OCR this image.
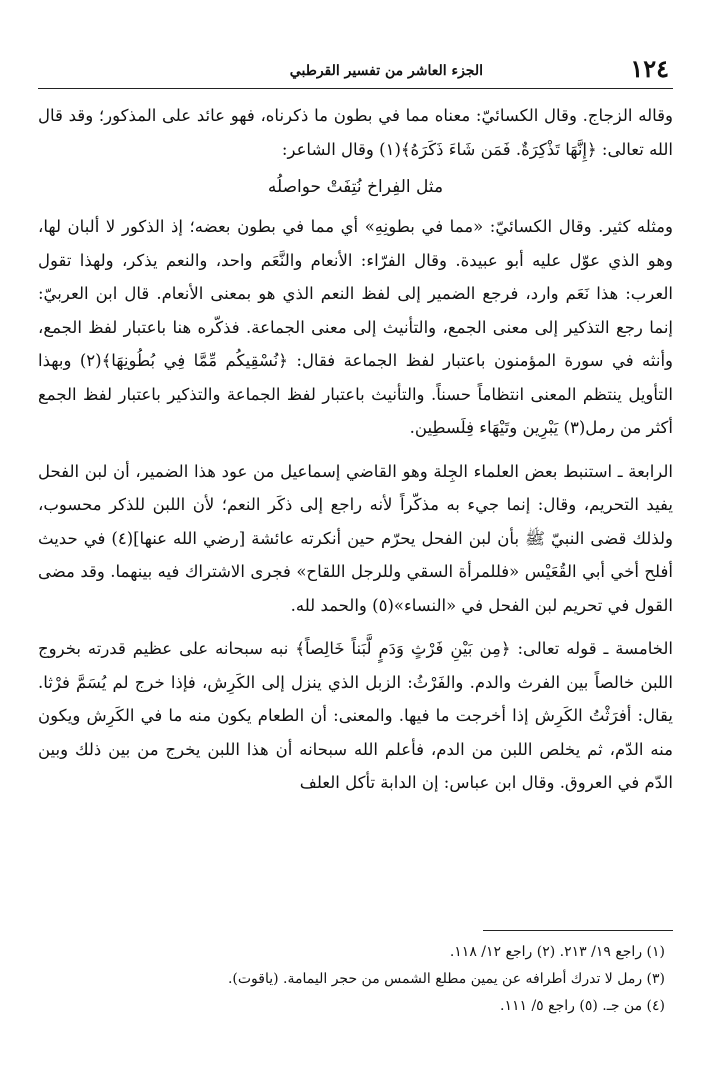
١٢٤
الجزء العاشر من تفسير القرطبي

وقاله الزجاج. وقال الكسائيّ: معناه مما في بطون ما ذكرناه، فهو عائد على المذكور؛ وقد قال الله تعالى: ﴿إِنَّهَا تَذْكِرَةٌ. فَمَن شَاءَ ذَكَرَهُ﴾(١) وقال الشاعر:

مثل الفِراخ نُتِفَتْ حواصلُه

ومثله كثير. وقال الكسائيّ: «مما في بطونِهِ» أي مما في بطون بعضه؛ إذ الذكور لا ألبان لها، وهو الذي عوّل عليه أبو عبيدة. وقال الفرّاء: الأنعام والنَّعَم واحد، والنعم يذكر، ولهذا تقول العرب: هذا نَعَم وارد، فرجع الضمير إلى لفظ النعم الذي هو بمعنى الأنعام. قال ابن العربيّ: إنما رجع التذكير إلى معنى الجمع، والتأنيث إلى معنى الجماعة. فذكّره هنا باعتبار لفظ الجمع، وأنثه في سورة المؤمنون باعتبار لفظ الجماعة فقال: ﴿نُسْقِيكُم مِّمَّا فِي بُطُونِهَا﴾(٢) وبهذا التأويل ينتظم المعنى انتظاماً حسناً. والتأنيث باعتبار لفظ الجماعة والتذكير باعتبار لفظ الجمع أكثر من رمل(٣) يَبْرِين وتَيْهَاء فِلَسطِين.

الرابعة ـ استنبط بعض العلماء الجِلة وهو القاضي إسماعيل من عود هذا الضمير، أن لبن الفحل يفيد التحريم، وقال: إنما جيء به مذكّراً لأنه راجع إلى ذكَر النعم؛ لأن اللبن للذكر محسوب، ولذلك قضى النبيّ ﷺ بأن لبن الفحل يحرّم حين أنكرته عائشة [رضي الله عنها](٤) في حديث أفلح أخي أبي القُعَيْس «فللمرأة السقي وللرجل اللقاح» فجرى الاشتراك فيه بينهما. وقد مضى القول في تحريم لبن الفحل في «النساء»(٥) والحمد لله.

الخامسة ـ قوله تعالى: ﴿مِن بَيْنِ فَرْثٍ وَدَمٍ لَّبَناً خَالِصاً﴾ نبه سبحانه على عظيم قدرته بخروج اللبن خالصاً بين الفرث والدم. والفَرْثُ: الزبل الذي ينزل إلى الكَرِش، فإذا خرج لم يُسَمَّ فرْثا. يقال: أفرَثْتُ الكَرِش إذا أخرجت ما فيها. والمعنى: أن الطعام يكون منه ما في الكَرِش ويكون منه الدّم، ثم يخلص اللبن من الدم، فأعلم الله سبحانه أن هذا اللبن يخرج من بين ذلك وبين الدّم في العروق. وقال ابن عباس: إن الدابة تأكل العلف

(١) راجع ١٩/ ٢١٣. (٢) راجع ١٢/ ١١٨.

(٣) رمل لا تدرك أطرافه عن يمين مطلع الشمس من حجر اليمامة. (ياقوت).

(٤) من جـ. (٥) راجع ٥/ ١١١.
